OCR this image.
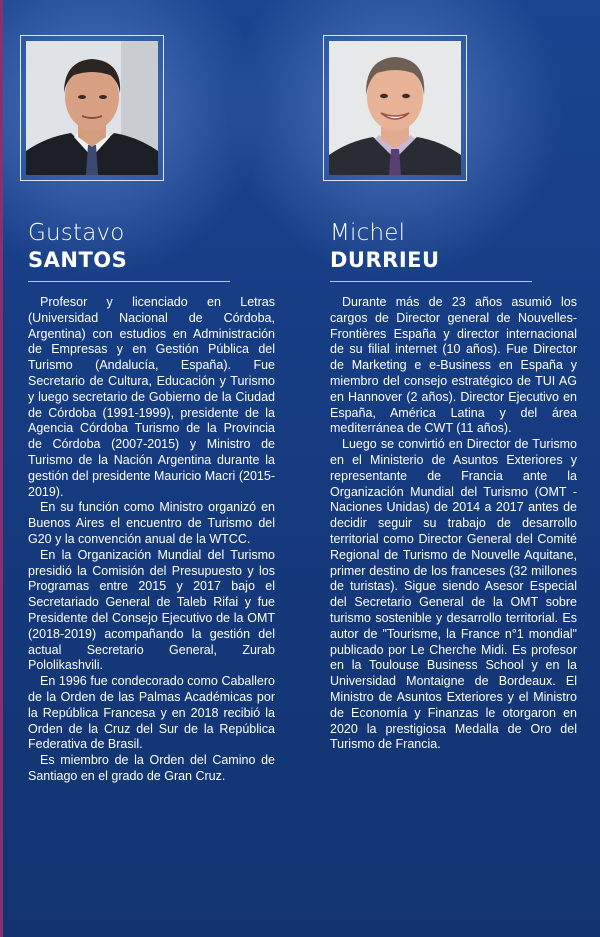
Gustavo
SANTOS
Michel
DURRIEU

Profesor y licenciado en Letras (Universidad Nacional de Córdoba, Argentina) con estudios en Administración de Empresas y en Gestión Pública del Turismo (Andalucía, España). Fue Secretario de Cultura, Educación y Turismo y luego secretario de Gobierno de la Ciudad de Córdoba (1991-1999), presidente de la Agencia Córdoba Turismo de la Provincia de Córdoba (2007-2015) y Ministro de Turismo de la Nación Argentina durante la gestión del presidente Mauricio Macri (2015-2019).

En su función como Ministro organizó en Buenos Aires el encuentro de Turismo del G20 y la convención anual de la WTCC.

En la Organización Mundial del Turismo presidió la Comisión del Presupuesto y los Programas entre 2015 y 2017 bajo el Secretariado General de Taleb Rifai y fue Presidente del Consejo Ejecutivo de la OMT (2018-2019) acompañando la gestión del actual Secretario General, Zurab Pololikashvili.

En 1996 fue condecorado como Caballero de la Orden de las Palmas Académicas por la República Francesa y en 2018 recibió la Orden de la Cruz del Sur de la República Federativa de Brasil.

Es miembro de la Orden del Camino de Santiago en el grado de Gran Cruz.

Durante más de 23 años asumió los cargos de Director general de Nouvelles-Frontières España y director internacional de su filial internet (10 años). Fue Director de Marketing e e-Business en España y miembro del consejo estratégico de TUI AG en Hannover (2 años). Director Ejecutivo en España, América Latina y del área mediterránea de CWT (11 años).

Luego se convirtió en Director de Turismo en el Ministerio de Asuntos Exteriores y representante de Francia ante la Organización Mundial del Turismo (OMT - Naciones Unidas) de 2014 a 2017 antes de decidir seguir su trabajo de desarrollo territorial como Director General del Comité Regional de Turismo de Nouvelle Aquitane, primer destino de los franceses (32 millones de turistas). Sigue siendo Asesor Especial del Secretario General de la OMT sobre turismo sostenible y desarrollo territorial. Es autor de "Tourisme, la France n°1 mondial" publicado por Le Cherche Midi. Es profesor en la Toulouse Business School y en la Universidad Montaigne de Bordeaux. El Ministro de Asuntos Exteriores y el Ministro de Economía y Finanzas le otorgaron en 2020 la prestigiosa Medalla de Oro del Turismo de Francia.
